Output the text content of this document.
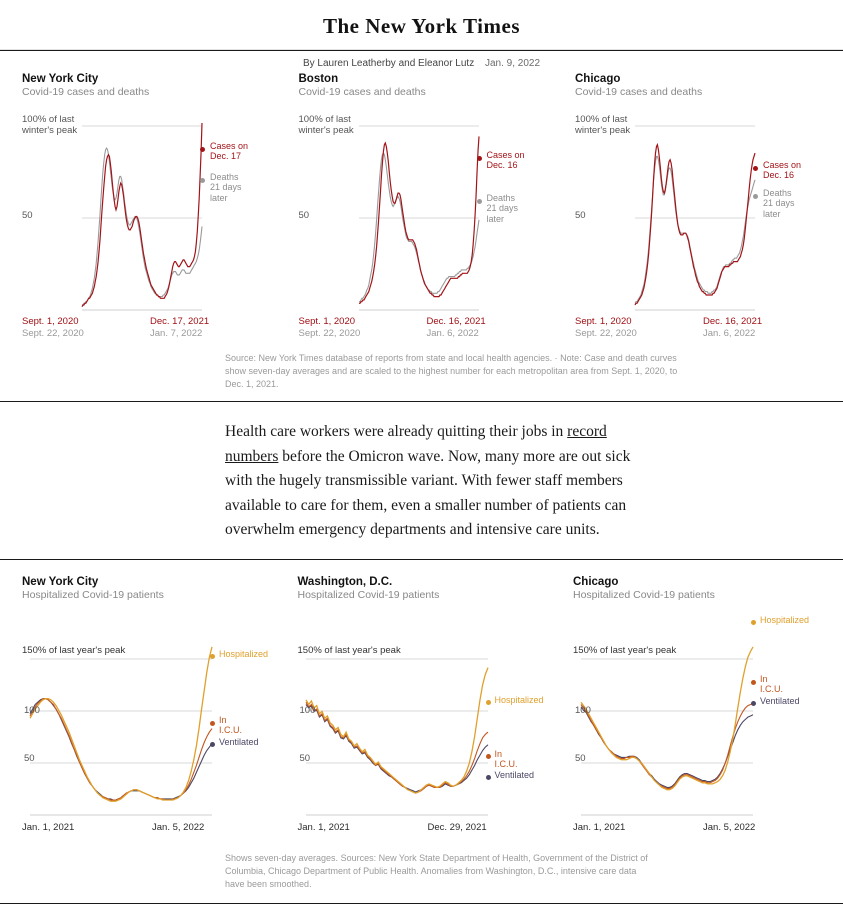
The New York Times
By Lauren Leatherby and Eleanor Lutz Jan. 9, 2022
New York City
Covid-19 cases and deaths
100% of last winter's peak
50
Cases on
Dec. 17
Deaths
21 days
later
Sept. 1, 2020
Sept. 22, 2020
Dec. 17, 2021
Jan. 7, 2022
Boston
Covid-19 cases and deaths
100% of last winter's peak
50
Cases on
Dec. 16
Deaths
21 days
later
Sept. 1, 2020
Sept. 22, 2020
Dec. 16, 2021
Jan. 6, 2022
Chicago
Covid-19 cases and deaths
100% of last winter's peak
50
Cases on
Dec. 16
Deaths
21 days
later
Sept. 1, 2020
Sept. 22, 2020
Dec. 16, 2021
Jan. 6, 2022
Source: New York Times database of reports from state and local health agencies. · Note: Case and death curves show seven-day averages and are scaled to the highest number for each metropolitan area from Sept. 1, 2020, to Dec. 1, 2021.
Health care workers were already quitting their jobs in record numbers before the Omicron wave. Now, many more are out sick with the hugely transmissible variant. With fewer staff members available to care for them, even a smaller number of patients can overwhelm emergency departments and intensive care units.
New York City
Hospitalized Covid-19 patients
150% of last year's peak
100
50
Hospitalized
In
I.C.U.
Ventilated
Jan. 1, 2021	Jan. 5, 2022
Washington, D.C.
Hospitalized Covid-19 patients
150% of last year's peak
100
50
Hospitalized
In
I.C.U.
Ventilated
Jan. 1, 2021	Dec. 29, 2021
Chicago
Hospitalized Covid-19 patients
150% of last year's peak
100
50
Hospitalized
In
I.C.U.
Ventilated
Jan. 1, 2021	Jan. 5, 2022
Shows seven-day averages. Sources: New York State Department of Health, Government of the District of Columbia, Chicago Department of Public Health. Anomalies from Washington, D.C., intensive care data have been smoothed.
